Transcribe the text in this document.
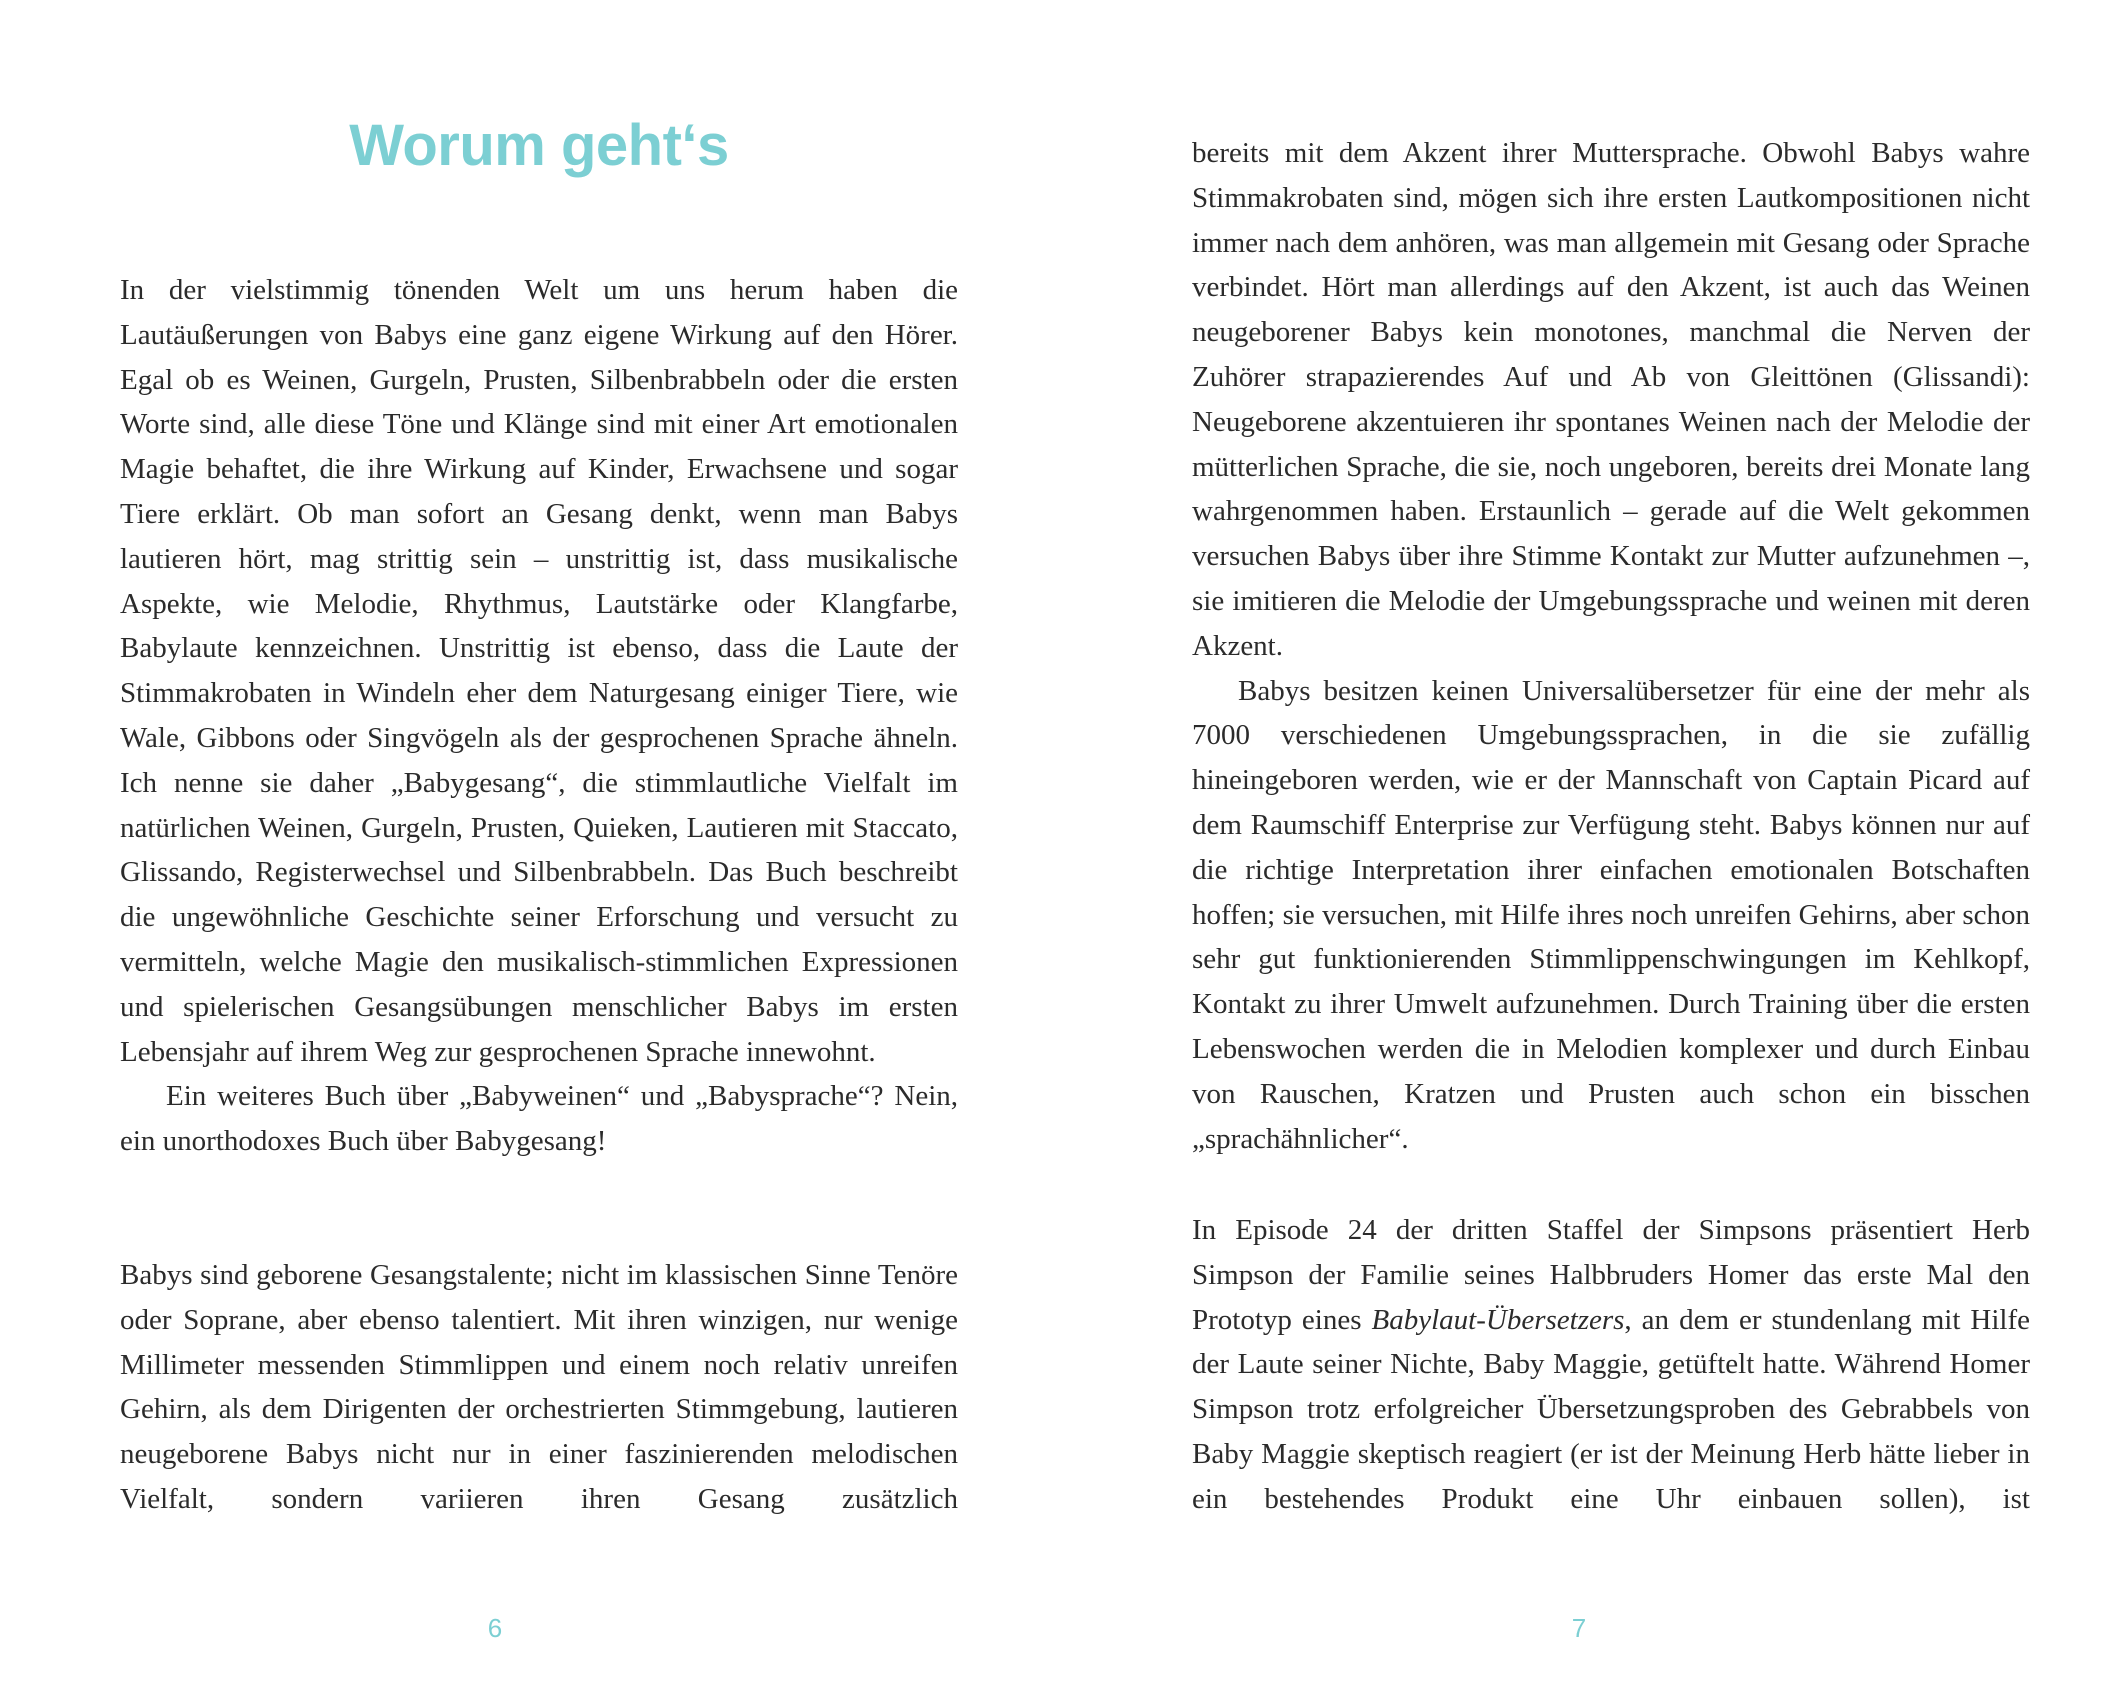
Worum geht‘s

In der vielstimmig tönenden Welt um uns herum haben die Lautäußerungen von Babys eine ganz eigene Wirkung auf den Hörer. Egal ob es Weinen, Gurgeln, Prusten, Silbenbrabbeln oder die ersten Worte sind, alle diese Töne und Klänge sind mit einer Art emotionalen Magie behaftet, die ihre Wirkung auf Kinder, Erwachsene und sogar Tiere erklärt. Ob man sofort an Gesang denkt, wenn man Babys lautieren hört, mag strittig sein – unstrittig ist, dass musikalische Aspekte, wie Melodie, Rhythmus, Lautstärke oder Klangfarbe, Babylaute kennzeichnen. Unstrittig ist ebenso, dass die Laute der Stimmakrobaten in Windeln eher dem Naturgesang einiger Tiere, wie Wale, Gibbons oder Singvögeln als der gesprochenen Sprache ähneln. Ich nenne sie daher „Babygesang“, die stimmlautliche Vielfalt im natürlichen Weinen, Gurgeln, Prusten, Quieken, Lautieren mit Staccato, Glissando, Registerwechsel und Silbenbrabbeln. Das Buch beschreibt die ungewöhnliche Geschichte seiner Erforschung und versucht zu vermitteln, welche Magie den musikalisch-stimmlichen Expressionen und spielerischen Gesangsübungen menschlicher Babys im ersten Lebensjahr auf ihrem Weg zur gesprochenen Sprache innewohnt.

Ein weiteres Buch über „Babyweinen“ und „Babysprache“? Nein, ein unorthodoxes Buch über Babygesang!

Babys sind geborene Gesangstalente; nicht im klassischen Sinne Tenöre oder Soprane, aber ebenso talentiert. Mit ihren winzigen, nur wenige Millimeter messenden Stimmlippen und einem noch relativ unreifen Gehirn, als dem Dirigenten der orchestrierten Stimmgebung, lautieren neugeborene Babys nicht nur in einer faszinierenden melodischen Vielfalt, sondern variieren ihren Gesang zusätzlich

6

bereits mit dem Akzent ihrer Muttersprache. Obwohl Babys wahre Stimmakrobaten sind, mögen sich ihre ersten Lautkompositionen nicht immer nach dem anhören, was man allgemein mit Gesang oder Sprache verbindet. Hört man allerdings auf den Akzent, ist auch das Weinen neugeborener Babys kein monotones, manchmal die Nerven der Zuhörer strapazierendes Auf und Ab von Gleittönen (Glissandi): Neugeborene akzentuieren ihr spontanes Weinen nach der Melodie der mütterlichen Sprache, die sie, noch ungeboren, bereits drei Monate lang wahrgenommen haben. Erstaunlich – gerade auf die Welt gekommen versuchen Babys über ihre Stimme Kontakt zur Mutter aufzunehmen –, sie imitieren die Melodie der Umgebungssprache und weinen mit deren Akzent.

Babys besitzen keinen Universalübersetzer für eine der mehr als 7000 verschiedenen Umgebungssprachen, in die sie zufällig hineingeboren werden, wie er der Mannschaft von Captain Picard auf dem Raumschiff Enterprise zur Verfügung steht. Babys können nur auf die richtige Interpretation ihrer einfachen emotionalen Botschaften hoffen; sie versuchen, mit Hilfe ihres noch unreifen Gehirns, aber schon sehr gut funktionierenden Stimmlippenschwingungen im Kehlkopf, Kontakt zu ihrer Umwelt aufzunehmen. Durch Training über die ersten Lebenswochen werden die in Melodien komplexer und durch Einbau von Rauschen, Kratzen und Prusten auch schon ein bisschen „sprachähnlicher“.

In Episode 24 der dritten Staffel der Simpsons präsentiert Herb Simpson der Familie seines Halbbruders Homer das erste Mal den Prototyp eines Babylaut-Übersetzers, an dem er stundenlang mit Hilfe der Laute seiner Nichte, Baby Maggie, getüftelt hatte. Während Homer Simpson trotz erfolgreicher Übersetzungsproben des Gebrabbels von Baby Maggie skeptisch reagiert (er ist der Meinung Herb hätte lieber in ein bestehendes Produkt eine Uhr einbauen sollen), ist

7
